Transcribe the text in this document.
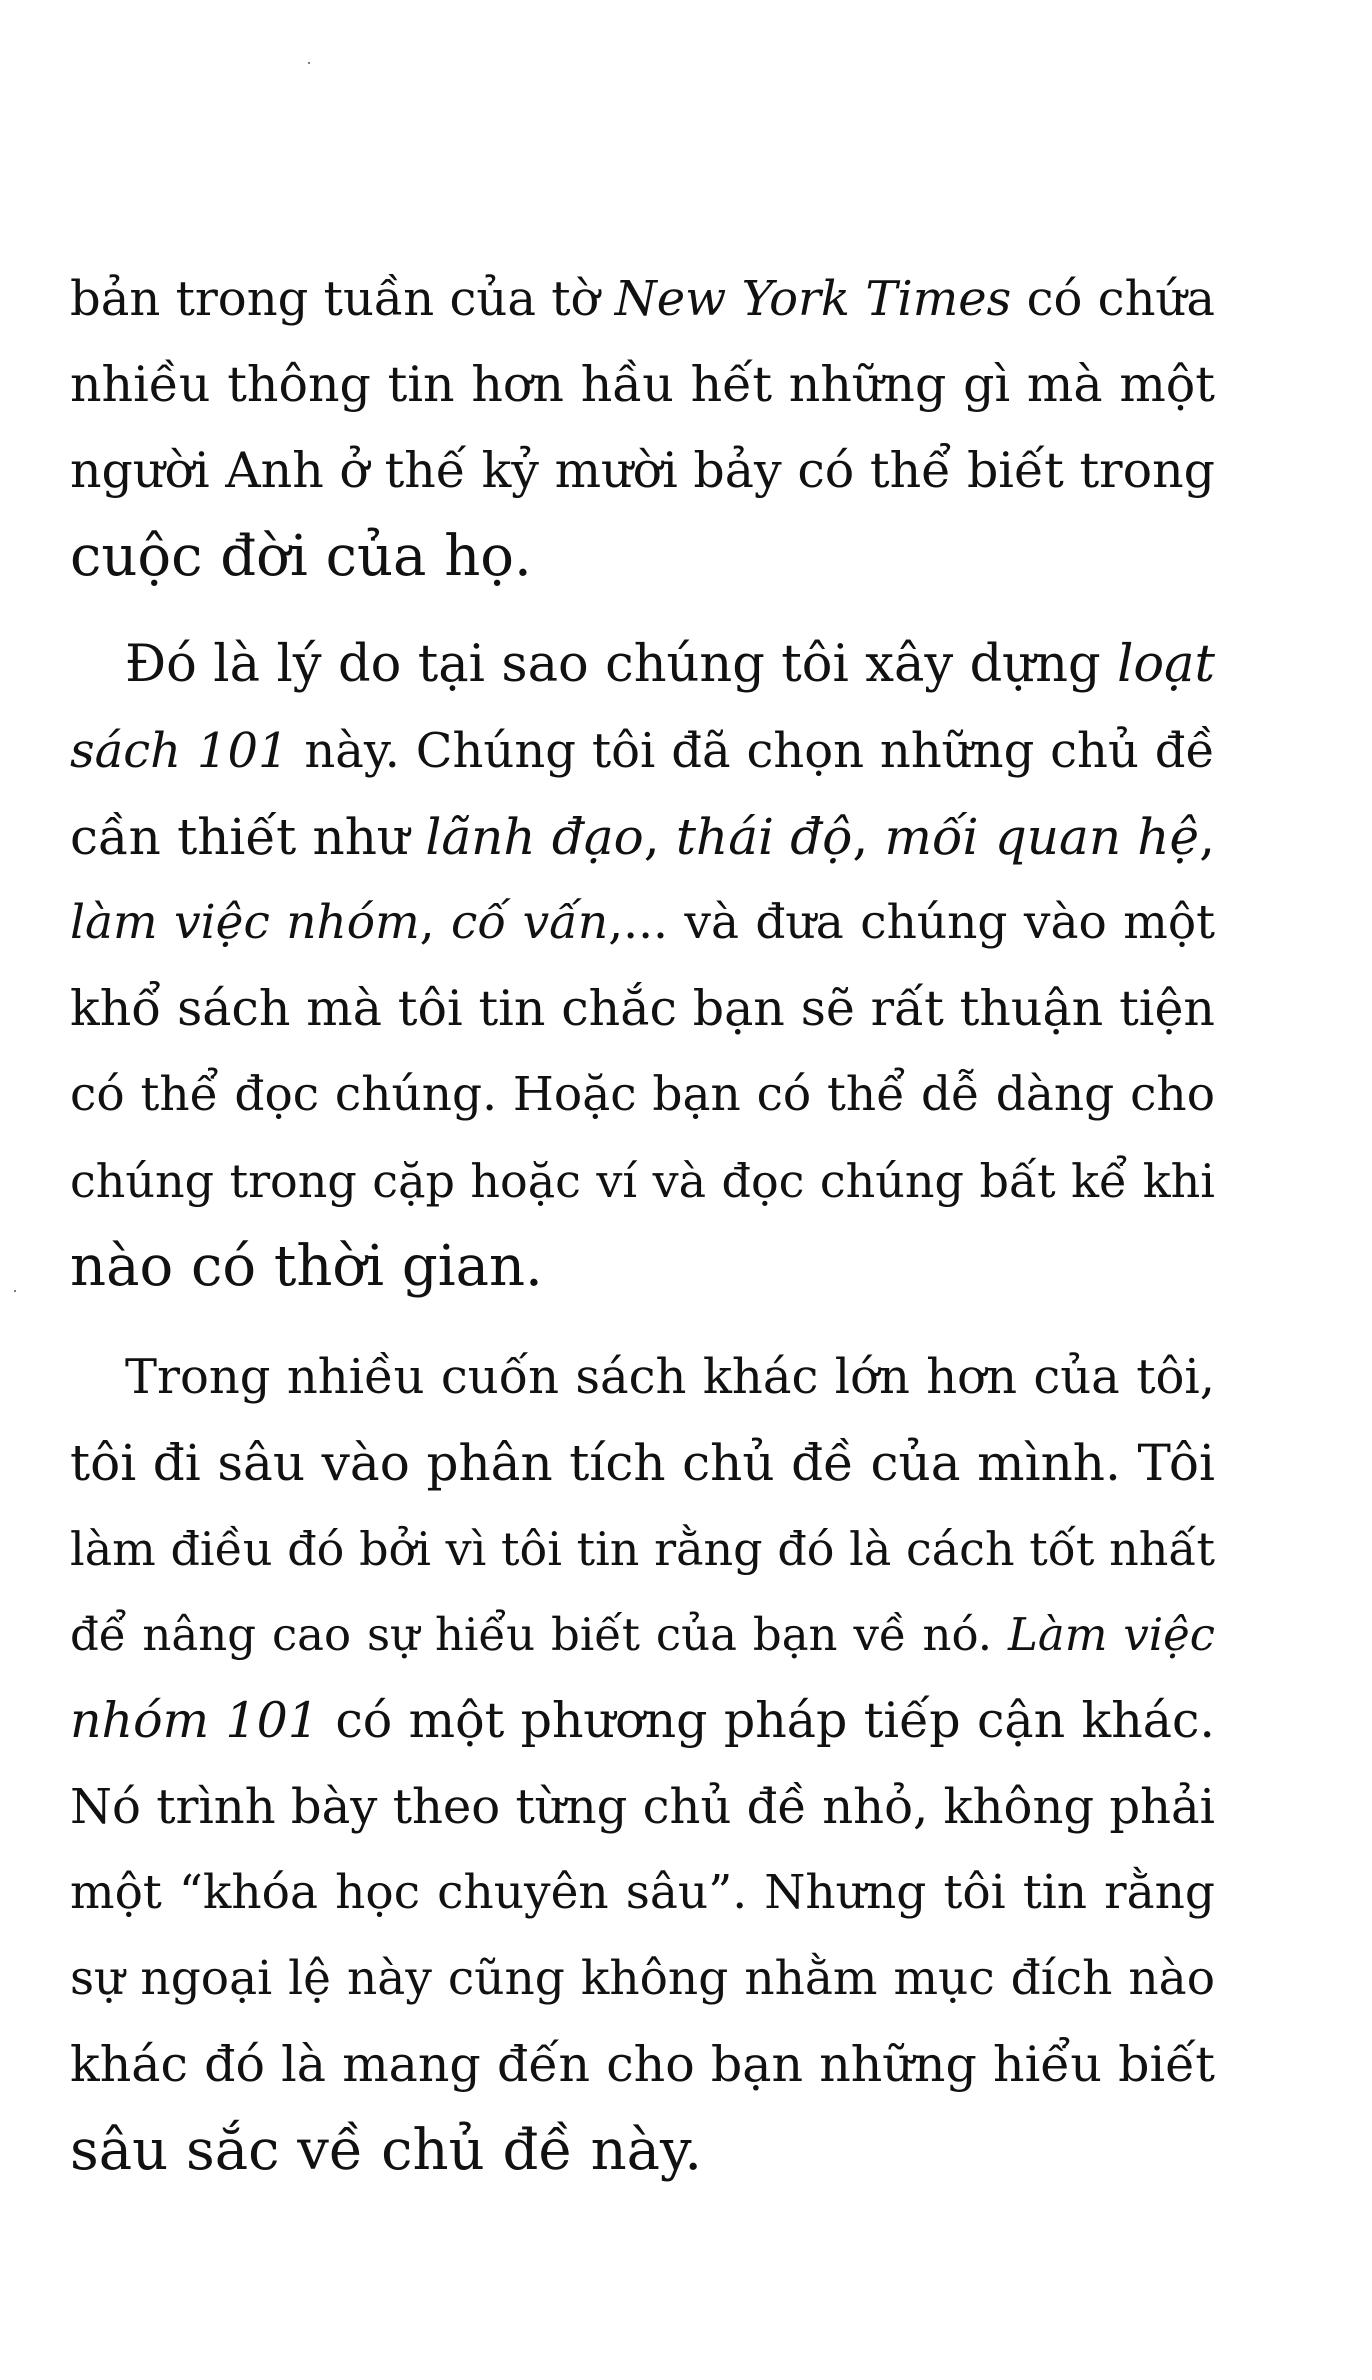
bản trong tuần của tờ New York Times có chứa

nhiều thông tin hơn hầu hết những gì mà một

người Anh ở thế kỷ mười bảy có thể biết trong

cuộc đời của họ.

Đó là lý do tại sao chúng tôi xây dựng loạt

sách 101 này. Chúng tôi đã chọn những chủ đề

cần thiết như lãnh đạo, thái độ, mối quan hệ,

làm việc nhóm, cố vấn,... và đưa chúng vào một

khổ sách mà tôi tin chắc bạn sẽ rất thuận tiện

có thể đọc chúng. Hoặc bạn có thể dễ dàng cho

chúng trong cặp hoặc ví và đọc chúng bất kể khi

nào có thời gian.

Trong nhiều cuốn sách khác lớn hơn của tôi,

tôi đi sâu vào phân tích chủ đề của mình. Tôi

làm điều đó bởi vì tôi tin rằng đó là cách tốt nhất

để nâng cao sự hiểu biết của bạn về nó. Làm việc

nhóm 101 có một phương pháp tiếp cận khác.

Nó trình bày theo từng chủ đề nhỏ, không phải

một “khóa học chuyên sâu”. Nhưng tôi tin rằng

sự ngoại lệ này cũng không nhằm mục đích nào

khác đó là mang đến cho bạn những hiểu biết

sâu sắc về chủ đề này.
